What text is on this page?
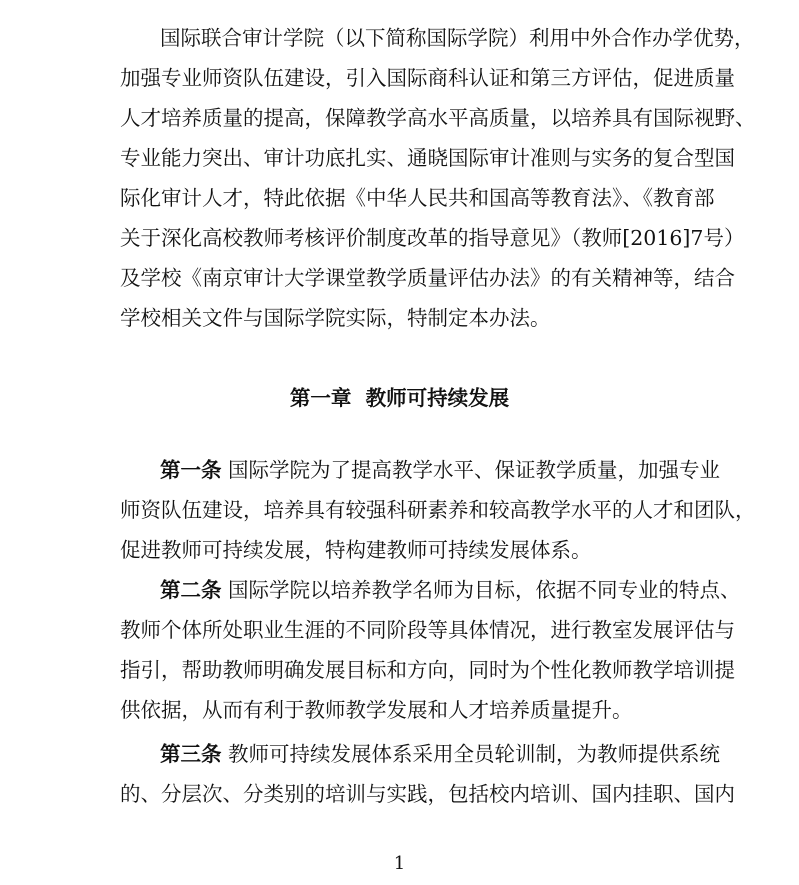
国际联合审计学院（以下简称国际学院）利用中外合作办学优势，
加强专业师资队伍建设，引入国际商科认证和第三方评估，促进质量
人才培养质量的提高，保障教学高水平高质量，以培养具有国际视野、
专业能力突出、审计功底扎实、通晓国际审计准则与实务的复合型国
际化审计人才，特此依据《中华人民共和国高等教育法》、《教育部
关于深化高校教师考核评价制度改革的指导意见》（教师[2016]7号）
及学校《南京审计大学课堂教学质量评估办法》的有关精神等，结合
学校相关文件与国际学院实际，特制定本办法。
第一章  教师可持续发展
第一条 国际学院为了提高教学水平、保证教学质量，加强专业
师资队伍建设，培养具有较强科研素养和较高教学水平的人才和团队，
促进教师可持续发展，特构建教师可持续发展体系。
第二条 国际学院以培养教学名师为目标，依据不同专业的特点、
教师个体所处职业生涯的不同阶段等具体情况，进行教室发展评估与
指引，帮助教师明确发展目标和方向，同时为个性化教师教学培训提
供依据，从而有利于教师教学发展和人才培养质量提升。
第三条 教师可持续发展体系采用全员轮训制，为教师提供系统
的、分层次、分类别的培训与实践，包括校内培训、国内挂职、国内
1
